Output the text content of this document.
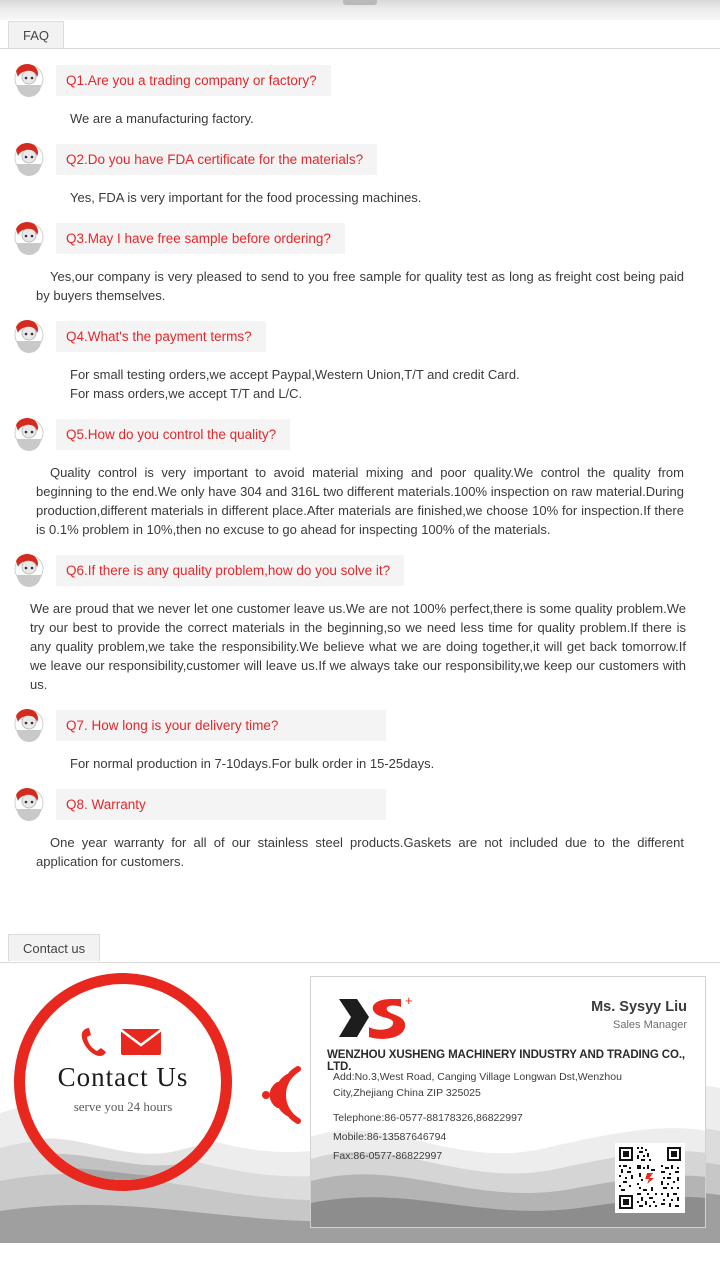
FAQ
Q1.Are you a trading company or factory?
We are a manufacturing factory.
Q2.Do you have FDA certificate for the materials?
Yes, FDA is very important for the food processing machines.
Q3.May I have free sample before ordering?
Yes,our company is very pleased to send to you free sample for quality test as long as freight cost being paid by buyers themselves.
Q4.What's the payment terms?
For small testing orders,we accept Paypal,Western Union,T/T and credit Card.
For mass orders,we accept T/T and L/C.
Q5.How do you control the quality?
Quality control is very important to avoid material mixing and poor quality.We control the quality from beginning to the end.We only have 304 and 316L two different materials.100% inspection on raw material.During production,different materials in different place.After materials are finished,we choose 10% for inspection.If there is 0.1% problem in 10%,then no excuse to go ahead for inspecting 100% of the materials.
Q6.If there is any quality problem,how do you solve it?
We are proud that we never let one customer leave us.We are not 100% perfect,there is some quality problem.We try our best to provide the correct materials in the beginning,so we need less time for quality problem.If there is any quality problem,we take the responsibility.We believe what we are doing together,it will get back tomorrow.If we leave our responsibility,customer will leave us.If we always take our responsibility,we keep our customers with us.
Q7. How long is your delivery time?
For normal production in 7-10days.For bulk order in 15-25days.
Q8. Warranty
One year warranty for all of our stainless steel products.Gaskets are not included due to the different application for customers.
Contact us
Contact Us
serve you 24 hours
+	Ms. Sysyy Liu
Sales Manager
WENZHOU XUSHENG MACHINERY INDUSTRY AND TRADING CO., LTD.
Add:No.3,West Road, Canging Village Longwan Dst,Wenzhou
City,Zhejiang China ZIP 325025
Telephone:86-0577-88178326,86822997
Mobile:86-13587646794
Fax:86-0577-86822997
